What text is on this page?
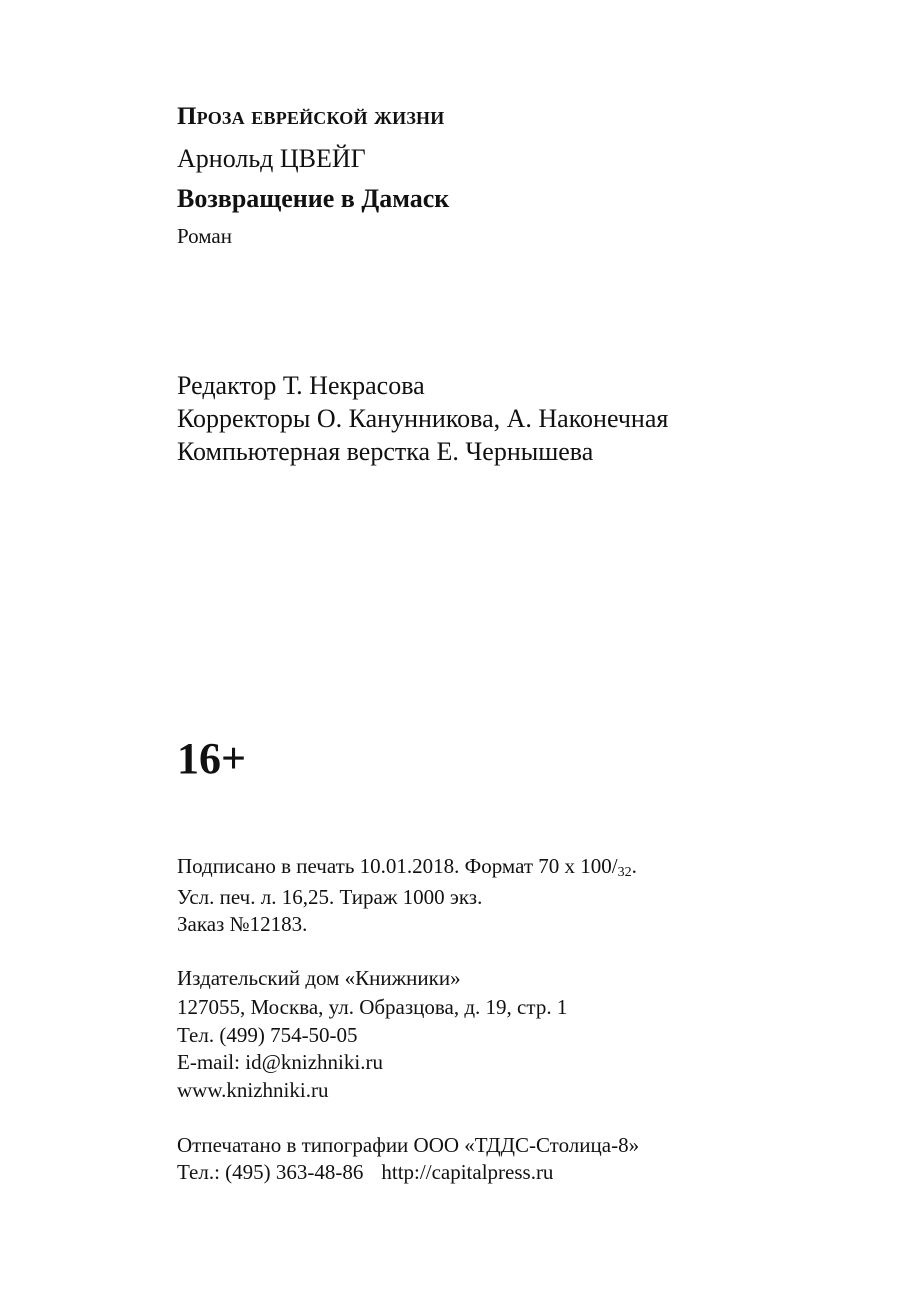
Проза еврейской жизни
Арнольд ЦВЕЙГ
Возвращение в Дамаск
Роман
Редактор Т. Некрасова
Корректоры О. Канунникова, А. Наконечная
Компьютерная верстка Е. Чернышева
16+
Подписано в печать 10.01.2018. Формат 70 х $100/_{32}$.
Усл. печ. л. 16,25. Тираж 1000 экз.
Заказ №12183.
Издательский дом «Книжники»
127055, Москва, ул. Образцова, д. 19, стр. 1
Тел. (499) 754-50-05
E-mail: id@knizhniki.ru
www.knizhniki.ru
Отпечатано в типографии ООО «ТДДС-Столица-8»
Тел.: (495) 363-48-86 http://capitalpress.ru
